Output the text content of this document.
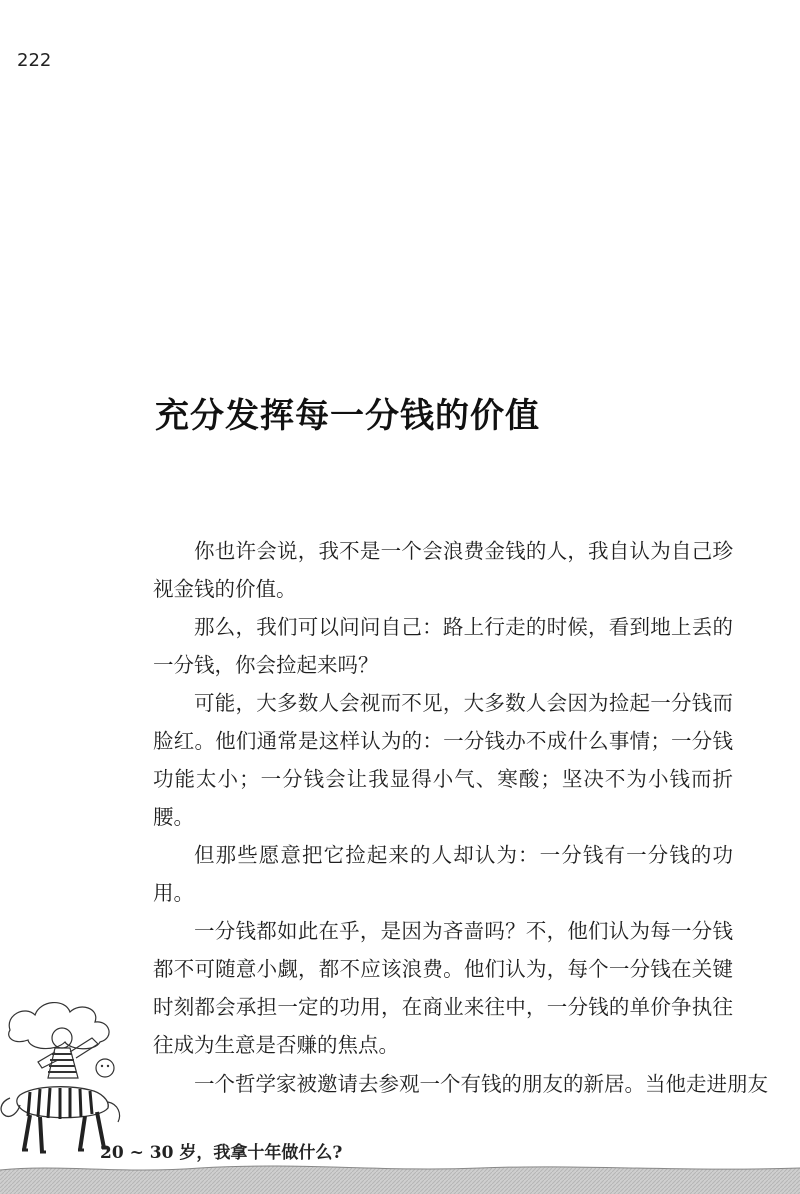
222
充分发挥每一分钱的价值

你也许会说，我不是一个会浪费金钱的人，我自认为自己珍视金钱的价值。

那么，我们可以问问自己：路上行走的时候，看到地上丢的一分钱，你会捡起来吗？

可能，大多数人会视而不见，大多数人会因为捡起一分钱而脸红。他们通常是这样认为的：一分钱办不成什么事情；一分钱功能太小；一分钱会让我显得小气、寒酸；坚决不为小钱而折腰。

但那些愿意把它捡起来的人却认为：一分钱有一分钱的功用。

一分钱都如此在乎，是因为吝啬吗？不，他们认为每一分钱都不可随意小觑，都不应该浪费。他们认为，每个一分钱在关键时刻都会承担一定的功用，在商业来往中，一分钱的单价争执往往成为生意是否赚的焦点。

一个哲学家被邀请去参观一个有钱的朋友的新居。当他走进朋友

20 ~ 30 岁，我拿十年做什么?
